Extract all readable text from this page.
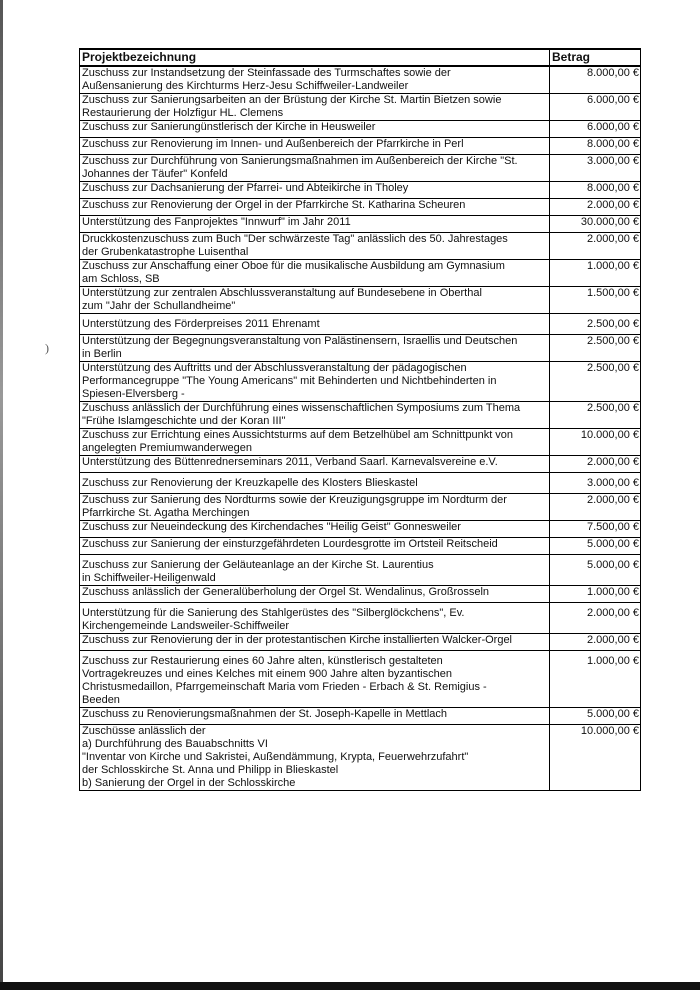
)
Projektbezeichnung	Betrag
Zuschuss zur Instandsetzung der Steinfassade des Turmschaftes sowie der
Außensanierung des Kirchturms Herz-Jesu Schiffweiler-Landweiler	8.000,00 €
Zuschuss zur Sanierungsarbeiten an der Brüstung der Kirche St. Martin Bietzen sowie
Restaurierung der Holzfigur HL. Clemens	6.000,00 €
Zuschuss zur Sanierungünstlerisch der Kirche in Heusweiler	6.000,00 €
Zuschuss zur Renovierung im Innen- und Außenbereich der Pfarrkirche in Perl	8.000,00 €
Zuschuss zur Durchführung von Sanierungsmaßnahmen im Außenbereich der Kirche "St.
Johannes der Täufer" Konfeld	3.000,00 €
Zuschuss zur Dachsanierung der Pfarrei- und Abteikirche in Tholey	8.000,00 €
Zuschuss zur Renovierung der Orgel in der Pfarrkirche St. Katharina Scheuren	2.000,00 €
Unterstützung des Fanprojektes "Innwurf" im Jahr 2011	30.000,00 €
Druckkostenzuschuss zum Buch "Der schwärzeste Tag" anlässlich des 50. Jahrestages
der Grubenkatastrophe Luisenthal	2.000,00 €
Zuschuss zur Anschaffung einer Oboe für die musikalische Ausbildung am Gymnasium
am Schloss, SB	1.000,00 €
Unterstützung zur zentralen Abschlussveranstaltung auf Bundesebene in Oberthal
zum "Jahr der Schullandheime"	1.500,00 €
Unterstützung des Förderpreises 2011 Ehrenamt	2.500,00 €
Unterstützung der Begegnungsveranstaltung von Palästinensern, Israellis und Deutschen
in Berlin	2.500,00 €
Unterstützung des Auftritts und der Abschlussveranstaltung der pädagogischen
Performancegruppe "The Young Americans" mit Behinderten und Nichtbehinderten in
Spiesen-Elversberg -	2.500,00 €
Zuschuss anlässlich der Durchführung eines wissenschaftlichen Symposiums zum Thema
"Frühe Islamgeschichte und der Koran III"	2.500,00 €
Zuschuss zur Errichtung eines Aussichtsturms auf dem Betzelhübel am Schnittpunkt von
angelegten Premiumwanderwegen	10.000,00 €
Unterstützung des Büttenrednerseminars 2011, Verband Saarl. Karnevalsvereine e.V.	2.000,00 €
Zuschuss zur Renovierung der Kreuzkapelle des Klosters Blieskastel	3.000,00 €
Zuschuss zur Sanierung des Nordturms sowie der Kreuzigungsgruppe im Nordturm der
Pfarrkirche St. Agatha Merchingen	2.000,00 €
Zuschuss zur Neueindeckung des Kirchendaches "Heilig Geist" Gonnesweiler	7.500,00 €
Zuschuss zur Sanierung der einsturzgefährdeten Lourdesgrotte im Ortsteil Reitscheid	5.000,00 €
Zuschuss zur Sanierung der Geläuteanlage an der Kirche St. Laurentius
in Schiffweiler-Heiligenwald	5.000,00 €
Zuschuss anlässlich der Generalüberholung der Orgel St. Wendalinus, Großrosseln	1.000,00 €
Unterstützung für die Sanierung des Stahlgerüstes des "Silberglöckchens", Ev.
Kirchengemeinde Landsweiler-Schiffweiler	2.000,00 €
Zuschuss zur Renovierung der in der protestantischen Kirche installierten Walcker-Orgel	2.000,00 €
Zuschuss zur Restaurierung eines 60 Jahre alten, künstlerisch gestalteten
Vortragekreuzes und eines Kelches mit einem 900 Jahre alten byzantischen
Christusmedaillon, Pfarrgemeinschaft Maria vom Frieden - Erbach & St. Remigius -
Beeden	1.000,00 €
Zuschuss zu Renovierungsmaßnahmen der St. Joseph-Kapelle in Mettlach	5.000,00 €
Zuschüsse anlässlich der
a) Durchführung des Bauabschnitts VI
"Inventar von Kirche und Sakristei, Außendämmung, Krypta, Feuerwehrzufahrt"
der Schlosskirche St. Anna und Philipp in Blieskastel
b) Sanierung der Orgel in der Schlosskirche	10.000,00 €
